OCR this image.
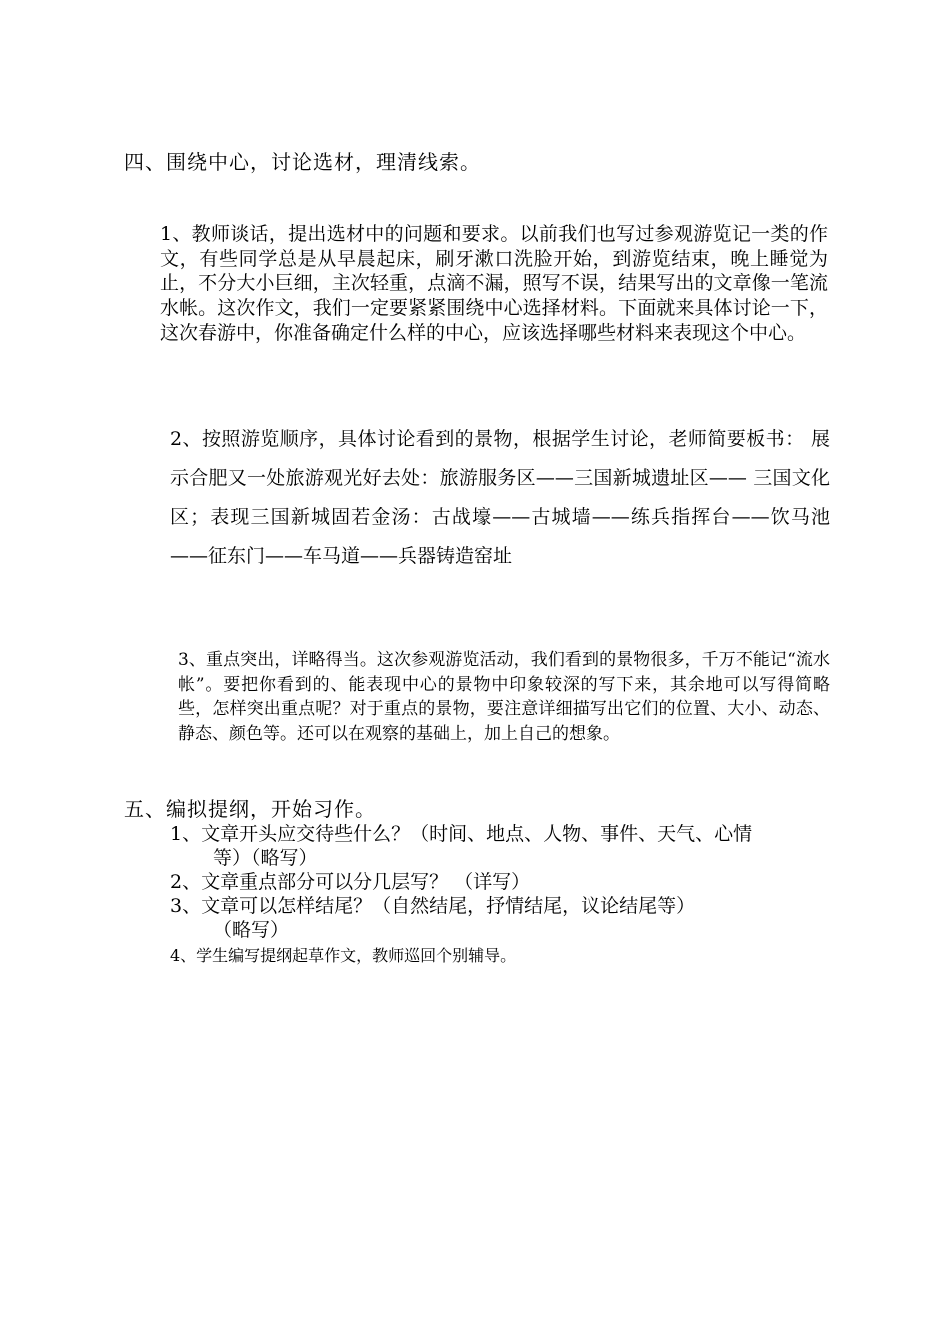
四、围绕中心，讨论选材，理清线索。

1、教师谈话，提出选材中的问题和要求。以前我们也写过参观游览记一类的作文，有些同学总是从早晨起床，刷牙漱口洗脸开始，到游览结束，晚上睡觉为止，不分大小巨细，主次轻重，点滴不漏，照写不误，结果写出的文章像一笔流水帐。这次作文，我们一定要紧紧围绕中心选择材料。下面就来具体讨论一下，这次春游中，你准备确定什么样的中心，应该选择哪些材料来表现这个中心。

2、按照游览顺序，具体讨论看到的景物，根据学生讨论，老师简要板书： 展示合肥又一处旅游观光好去处：旅游服务区——三国新城遗址区—— 三国文化区；表现三国新城固若金汤：古战壕——古城墙——练兵指挥台——饮马池——征东门——车马道——兵器铸造窑址

3、重点突出，详略得当。这次参观游览活动，我们看到的景物很多，千万不能记“流水帐”。要把你看到的、能表现中心的景物中印象较深的写下来，其余地可以写得简略些，怎样突出重点呢？对于重点的景物，要注意详细描写出它们的位置、大小、动态、静态、颜色等。还可以在观察的基础上，加上自己的想象。

五、编拟提纲，开始习作。
1、文章开头应交待些什么？（时间、地点、人物、事件、天气、心情
等）（略写）
2、文章重点部分可以分几层写？ （详写）
3、文章可以怎样结尾？（自然结尾，抒情结尾，议论结尾等）
（略写）
4、学生编写提纲起草作文，教师巡回个别辅导。
